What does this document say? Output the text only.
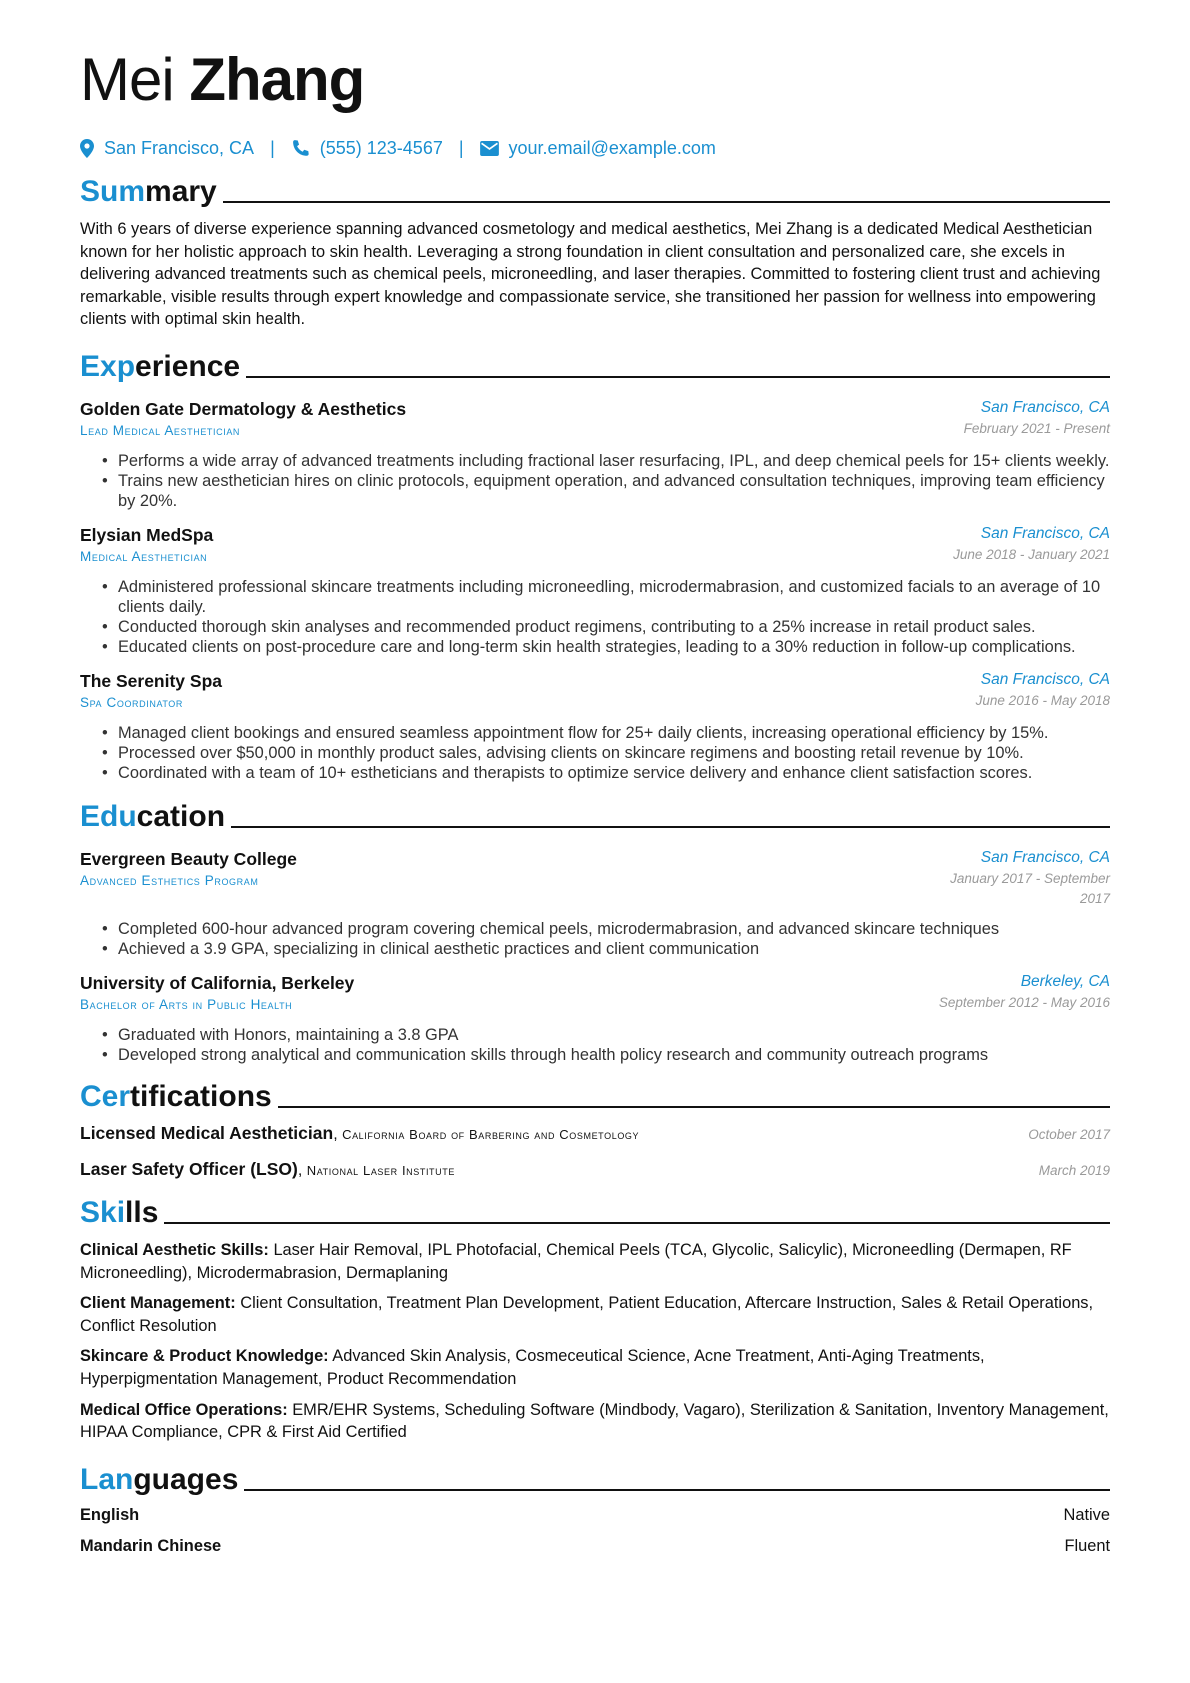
Mei Zhang
San Francisco, CA |	(555) 123-4567 |	your.email@example.com
Summary

With 6 years of diverse experience spanning advanced cosmetology and medical aesthetics, Mei Zhang is a dedicated Medical Aesthetician known for her holistic approach to skin health. Leveraging a strong foundation in client consultation and personalized care, she excels in delivering advanced treatments such as chemical peels, microneedling, and laser therapies. Committed to fostering client trust and achieving remarkable, visible results through expert knowledge and compassionate service, she transitioned her passion for wellness into empowering clients with optimal skin health.

Experience
Golden Gate Dermatology & Aesthetics
Lead Medical Aesthetician
San Francisco, CA
February 2021 - Present
• Performs a wide array of advanced treatments including fractional laser resurfacing, IPL, and deep chemical peels for 15+ clients weekly.
• Trains new aesthetician hires on clinic protocols, equipment operation, and advanced consultation techniques, improving team efficiency by 20%.
Elysian MedSpa
Medical Aesthetician
San Francisco, CA
June 2018 - January 2021
• Administered professional skincare treatments including microneedling, microdermabrasion, and customized facials to an average of 10 clients daily.
• Conducted thorough skin analyses and recommended product regimens, contributing to a 25% increase in retail product sales.
• Educated clients on post-procedure care and long-term skin health strategies, leading to a 30% reduction in follow-up complications.
The Serenity Spa
Spa Coordinator
San Francisco, CA
June 2016 - May 2018
• Managed client bookings and ensured seamless appointment flow for 25+ daily clients, increasing operational efficiency by 15%.
• Processed over $50,000 in monthly product sales, advising clients on skincare regimens and boosting retail revenue by 10%.
• Coordinated with a team of 10+ estheticians and therapists to optimize service delivery and enhance client satisfaction scores.
Education
Evergreen Beauty College
Advanced Esthetics Program
San Francisco, CA
January 2017 - September 2017
• Completed 600-hour advanced program covering chemical peels, microdermabrasion, and advanced skincare techniques
• Achieved a 3.9 GPA, specializing in clinical aesthetic practices and client communication
University of California, Berkeley
Bachelor of Arts in Public Health
Berkeley, CA
September 2012 - May 2016
• Graduated with Honors, maintaining a 3.8 GPA
• Developed strong analytical and communication skills through health policy research and community outreach programs
Certifications
Licensed Medical Aesthetician, California Board of Barbering and Cosmetology	October 2017
Laser Safety Officer (LSO), National Laser Institute	March 2019
Skills
Clinical Aesthetic Skills: Laser Hair Removal, IPL Photofacial, Chemical Peels (TCA, Glycolic, Salicylic), Microneedling (Dermapen, RF Microneedling), Microdermabrasion, Dermaplaning
Client Management: Client Consultation, Treatment Plan Development, Patient Education, Aftercare Instruction, Sales & Retail Operations, Conflict Resolution
Skincare & Product Knowledge: Advanced Skin Analysis, Cosmeceutical Science, Acne Treatment, Anti-Aging Treatments, Hyperpigmentation Management, Product Recommendation
Medical Office Operations: EMR/EHR Systems, Scheduling Software (Mindbody, Vagaro), Sterilization & Sanitation, Inventory Management, HIPAA Compliance, CPR & First Aid Certified
Languages
English	Native
Mandarin Chinese	Fluent
